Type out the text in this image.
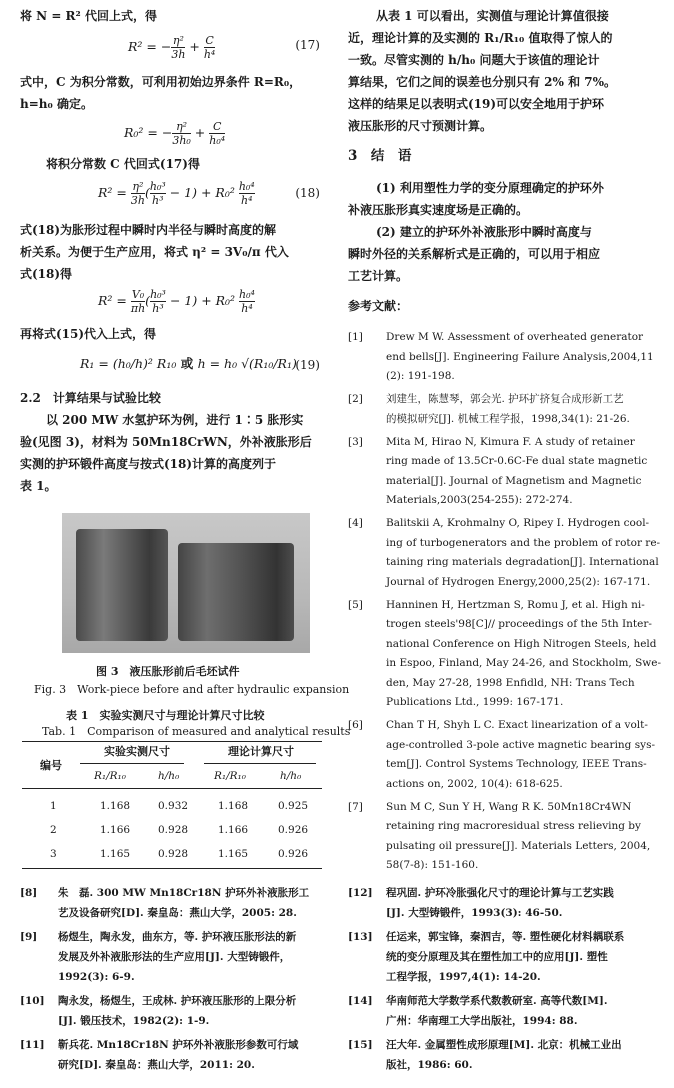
将 N = R² 代回上式，得
R² = − $\frac{\text{η²}}{3h} + \frac{C}{\text{h⁴}}$	(17)
式中，C 为积分常数，可利用初始边界条件 R=R₀，
h=h₀ 确定。
R₀² = − $\frac{\text{η²}}{\text{3h₀}} + \frac{C}{\text{h₀⁴}}$
将积分常数 C 代回式(17)得
$R^2 = \frac{\text{η²}}{3h}$ ( $\frac{\text{h₀³}}{\text{h³}} - 1) + R_0^2 \frac{\text{h₀⁴}}{\text{h⁴}}$	(18)
式(18)为胀形过程中瞬时内半径与瞬时高度的解
析关系。为便于生产应用，将式 η² = 3V₀/π 代入
式(18)得
$R^2 = \frac{\text{V₀}}{\pi h}$ ( $\frac{\text{h₀³}}{\text{h³}} - 1) + R_0^2 \frac{\text{h₀⁴}}{\text{h⁴}}$
再将式(15)代入上式，得
R₁ = (h₀/h)² R₁₀ 或 h = h₀ √(R₁₀/R₁)
(19)
2.2　计算结果与试验比较
以 200 MW 水氢护环为例，进行 1∶5 胀形实
验(见图 3)，材料为 50Mn18CrWN，外补液胀形后
实测的护环锻件高度与按式(18)计算的高度列于
表 1。
图 3　液压胀形前后毛坯试件
Fig. 3　Work-piece before and after hydraulic expansion
表 1　实验实测尺寸与理论计算尺寸比较
Tab. 1　Comparison of measured and analytical results
编号
实验实测尺寸	理论计算尺寸
R₁/R₁₀	h/h₀	R₁/R₁₀	h/h₀
1	1.168	0.932	1.168	0.925
2	1.166	0.928	1.166	0.926
3	1.165	0.928	1.165	0.926
从表 1 可以看出，实测值与理论计算值很接
近，理论计算的及实测的 R₁/R₁₀ 值取得了惊人的
一致。尽管实测的 h/h₀ 问题大于该值的理论计
算结果，它们之间的误差也分别只有 2% 和 7%。
这样的结果足以表明式(19)可以安全地用于护环
液压胀形的尺寸预测计算。
3　结　语
(1) 利用塑性力学的变分原理确定的护环外
补液压胀形真实速度场是正确的。
(2) 建立的护环外补液胀形中瞬时高度与
瞬时外径的关系解析式是正确的，可以用于相应
工艺计算。
参考文献：
[1] Drew M W. Assessment of overheated generator
end bells[J]. Engineering Failure Analysis,2004,11
(2): 191-198.
[2] 刘建生，陈慧琴，郭会光. 护环扩挤复合成形新工艺
的模拟研究[J]. 机械工程学报，1998,34(1): 21-26.
[3] Mita M, Hirao N, Kimura F. A study of retainer
ring made of 13.5Cr-0.6C-Fe dual state magnetic
material[J]. Journal of Magnetism and Magnetic
Materials,2003(254-255): 272-274.
[4] Balitskii A, Krohmalny O, Ripey I. Hydrogen cool-
ing of turbogenerators and the problem of rotor re-
taining ring materials degradation[J]. International
Journal of Hydrogen Energy,2000,25(2): 167-171.
[5] Hanninen H, Hertzman S, Romu J, et al. High ni-
trogen steels'98[C]// proceedings of the 5th Inter-
national Conference on High Nitrogen Steels, held
in Espoo, Finland, May 24-26, and Stockholm, Swe-
den, May 27-28, 1998 Enfidld, NH: Trans Tech
Publications Ltd., 1999: 167-171.
[6] Chan T H, Shyh L C. Exact linearization of a volt-
age-controlled 3-pole active magnetic bearing sys-
tem[J]. Control Systems Technology, IEEE Trans-
actions on, 2002, 10(4): 618-625.
[7] Sun M C, Sun Y H, Wang R K. 50Mn18Cr4WN
retaining ring macroresidual stress relieving by
pulsating oil pressure[J]. Materials Letters, 2004,
58(7-8): 151-160.
[8] 朱　磊. 300 MW Mn18Cr18N 护环外补液胀形工
艺及设备研究[D]. 秦皇岛：燕山大学，2005: 28.
[9] 杨煜生，陶永发，曲东方，等. 护环液压胀形法的新
发展及外补液胀形法的生产应用[J]. 大型铸锻件，
1992(3): 6-9.
[10] 陶永发，杨煜生，王成林. 护环液压胀形的上限分析
[J]. 锻压技术，1982(2): 1-9.
[11] 靳兵花. Mn18Cr18N 护环外补液胀形参数可行域
研究[D]. 秦皇岛：燕山大学，2011: 20.
[12] 程巩固. 护环冷胀强化尺寸的理论计算与工艺实践
[J]. 大型铸锻件，1993(3): 46-50.
[13] 任运来，郭宝锋，秦泗吉，等. 塑性硬化材料耦联系
统的变分原理及其在塑性加工中的应用[J]. 塑性
工程学报，1997,4(1): 14-20.
[14] 华南师范大学数学系代数教研室. 高等代数[M].
广州：华南理工大学出版社，1994: 88.
[15] 汪大年. 金属塑性成形原理[M]. 北京：机械工业出
版社，1986: 60.
